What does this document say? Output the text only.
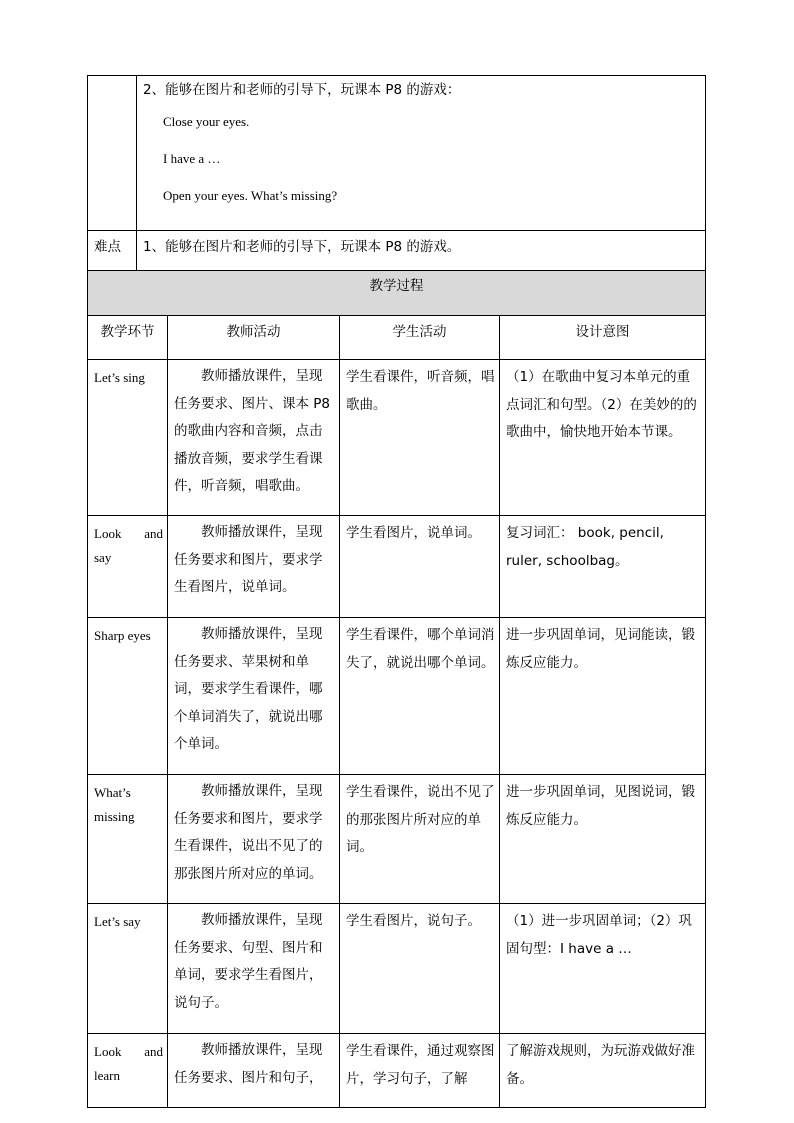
	2、能够在图片和老师的引导下，玩课本 P8 的游戏：
Close your eyes.
I have a …
Open your eyes. What’s missing?

难点	1、能够在图片和老师的引导下，玩课本 P8 的游戏。
教学过程			
教学环节	教师活动	学生活动	设计意图
Let’s sing	教师播放课件，呈现任务要求、图片、课本 P8 的歌曲内容和音频，点击播放音频，要求学生看课件，听音频，唱歌曲。	学生看课件，听音频，唱歌曲。	（1）在歌曲中复习本单元的重点词汇和句型。（2）在美妙的的歌曲中，愉快地开始本节课。

Look and
say	教师播放课件，呈现任务要求和图片，要求学生看图片，说单词。	学生看图片，说单词。	复习词汇： book, pencil, ruler, schoolbag。
Sharp eyes	教师播放课件，呈现任务要求、苹果树和单词，要求学生看课件，哪个单词消失了，就说出哪个单词。	学生看课件，哪个单词消失了，就说出哪个单词。	进一步巩固单词，见词能读，锻炼反应能力。

What’s
missing	教师播放课件，呈现任务要求和图片，要求学生看课件，说出不见了的那张图片所对应的单词。	学生看课件，说出不见了的那张图片所对应的单词。	进一步巩固单词，见图说词，锻炼反应能力。
Let’s say	教师播放课件，呈现任务要求、句型、图片和单词，要求学生看图片，说句子。	学生看图片，说句子。	（1）进一步巩固单词；（2）巩固句型：I have a …

Look and
learn	教师播放课件，呈现任务要求、图片和句子，	学生看课件，通过观察图片，学习句子，了解	了解游戏规则，为玩游戏做好准备。
